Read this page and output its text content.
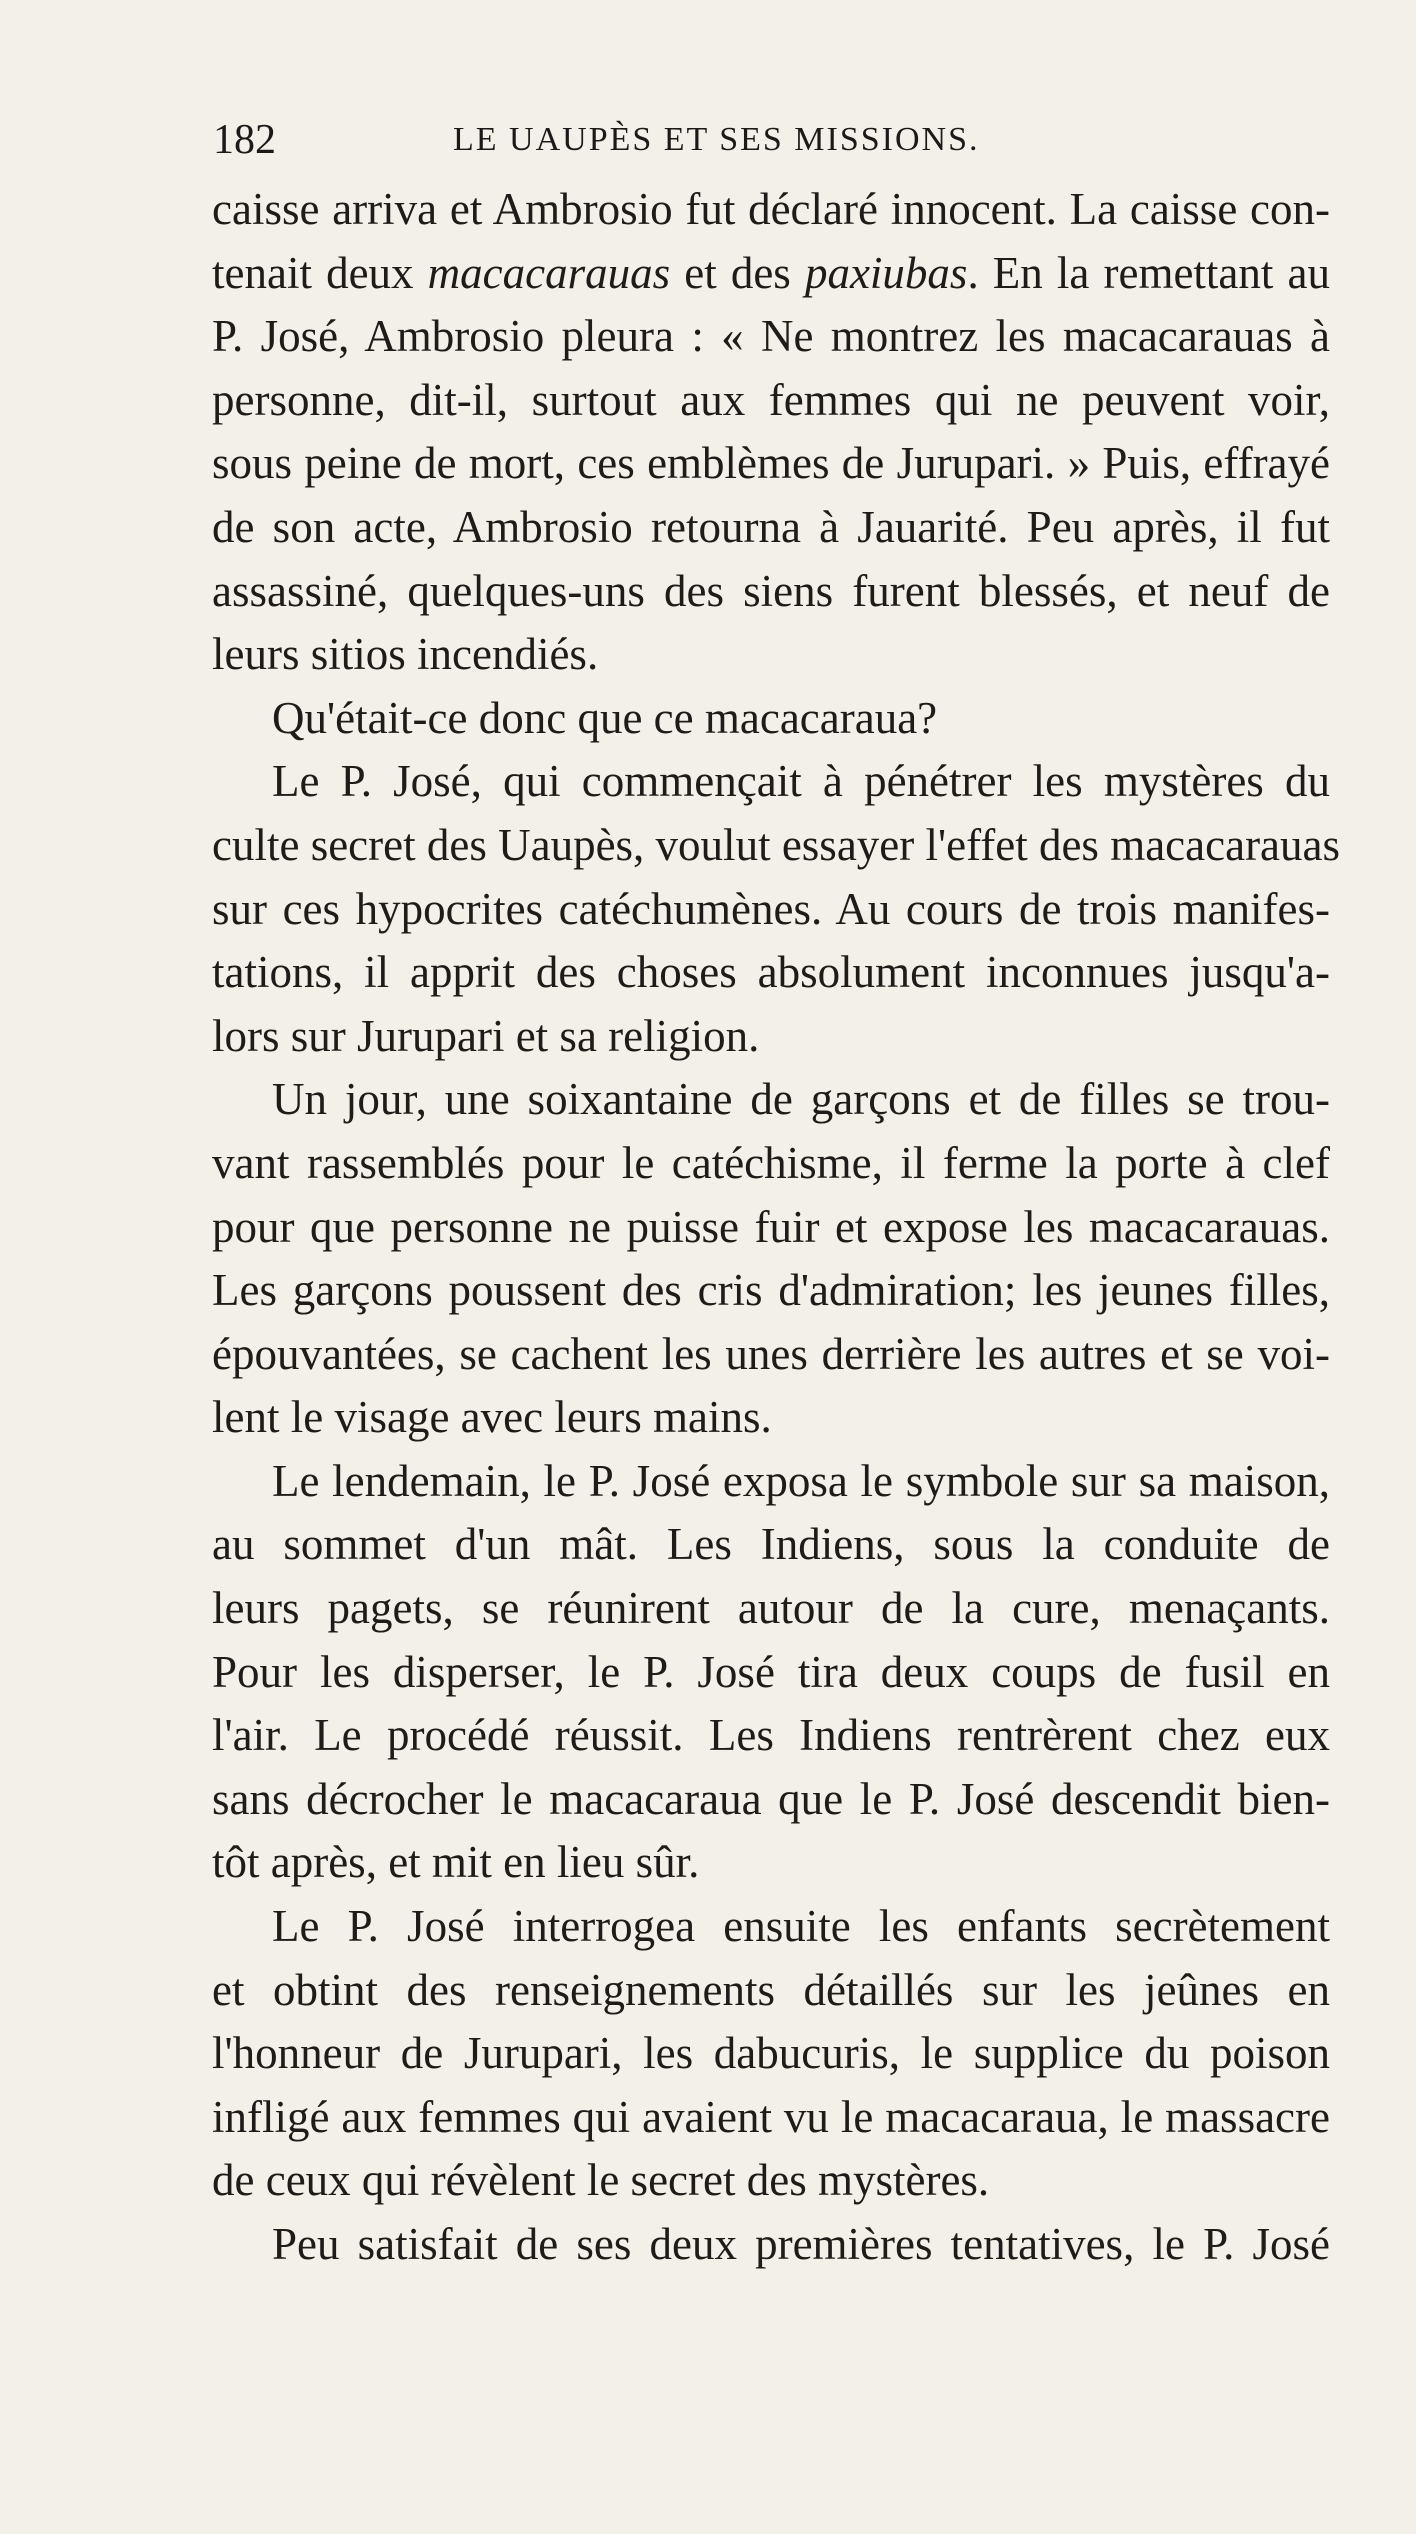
182	LE UAUPÈS ET SES MISSIONS.
caisse arriva et Ambrosio fut déclaré innocent. La caisse con-
tenait deux macacarauas et des paxiubas. En la remettant au
P. José, Ambrosio pleura : « Ne montrez les macacarauas à
personne, dit-il, surtout aux femmes qui ne peuvent voir,
sous peine de mort, ces emblèmes de Jurupari. » Puis, effrayé
de son acte, Ambrosio retourna à Jauarité. Peu après, il fut
assassiné, quelques-uns des siens furent blessés, et neuf de
leurs sitios incendiés.
Qu'était-ce donc que ce macacaraua?
Le P. José, qui commençait à pénétrer les mystères du
culte secret des Uaupès, voulut essayer l'effet des macacarauas
sur ces hypocrites catéchumènes. Au cours de trois manifes-
tations, il apprit des choses absolument inconnues jusqu'a-
lors sur Jurupari et sa religion.
Un jour, une soixantaine de garçons et de filles se trou-
vant rassemblés pour le catéchisme, il ferme la porte à clef
pour que personne ne puisse fuir et expose les macacarauas.
Les garçons poussent des cris d'admiration; les jeunes filles,
épouvantées, se cachent les unes derrière les autres et se voi-
lent le visage avec leurs mains.
Le lendemain, le P. José exposa le symbole sur sa maison,
au sommet d'un mât. Les Indiens, sous la conduite de
leurs pagets, se réunirent autour de la cure, menaçants.
Pour les disperser, le P. José tira deux coups de fusil en
l'air. Le procédé réussit. Les Indiens rentrèrent chez eux
sans décrocher le macacaraua que le P. José descendit bien-
tôt après, et mit en lieu sûr.
Le P. José interrogea ensuite les enfants secrètement
et obtint des renseignements détaillés sur les jeûnes en
l'honneur de Jurupari, les dabucuris, le supplice du poison
infligé aux femmes qui avaient vu le macacaraua, le massacre
de ceux qui révèlent le secret des mystères.
Peu satisfait de ses deux premières tentatives, le P. José
